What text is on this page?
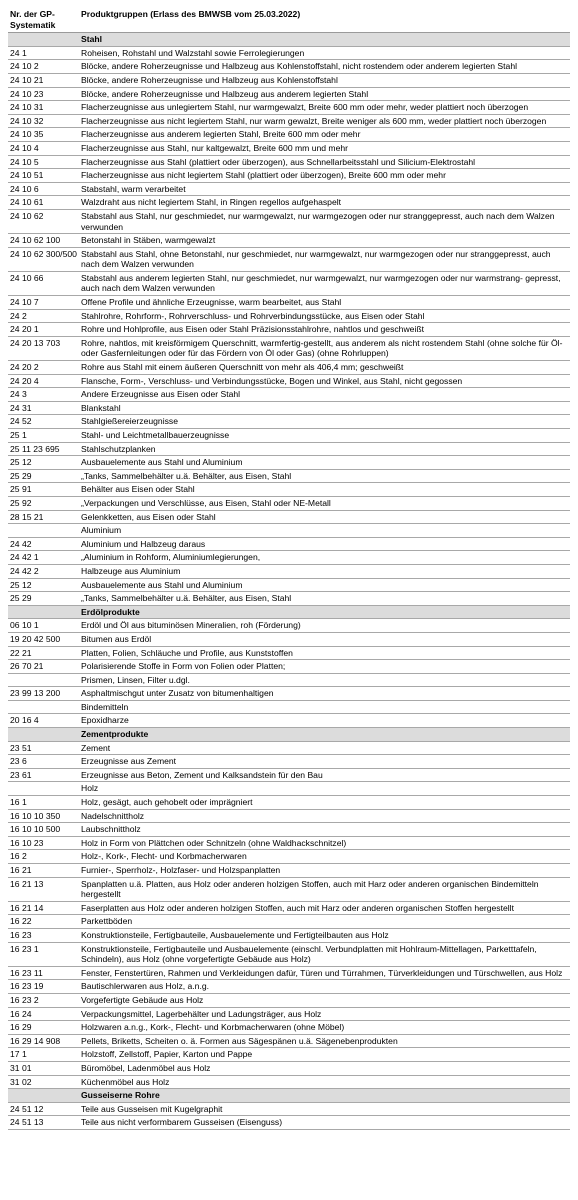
Nr. der GP-Systematik	Produktgruppen (Erlass des BMWSB vom 25.03.2022)
	Stahl
24 1	Roheisen, Rohstahl und Walzstahl sowie Ferrolegierungen
24 10 2	Blöcke, andere Roherzeugnisse und Halbzeug aus Kohlenstoffstahl, nicht rostendem oder anderem legierten Stahl
24 10 21	Blöcke, andere Roherzeugnisse und Halbzeug aus Kohlenstoffstahl
24 10 23	Blöcke, andere Roherzeugnisse und Halbzeug aus anderem legierten Stahl
24 10 31	Flacherzeugnisse aus unlegiertem Stahl, nur warmgewalzt, Breite 600 mm oder mehr, weder plattiert noch überzogen
24 10 32	Flacherzeugnisse aus nicht legiertem Stahl, nur warm gewalzt, Breite weniger als 600 mm, weder plattiert noch überzogen
24 10 35	Flacherzeugnisse aus anderem legierten Stahl, Breite 600 mm oder mehr
24 10 4	Flacherzeugnisse aus Stahl, nur kaltgewalzt, Breite 600 mm und mehr
24 10 5	Flacherzeugnisse aus Stahl (plattiert oder überzogen), aus Schnellarbeitsstahl und Silicium-Elektrostahl
24 10 51	Flacherzeugnisse aus nicht legiertem Stahl (plattiert oder überzogen), Breite 600 mm oder mehr
24 10 6	Stabstahl, warm verarbeitet
24 10 61	Walzdraht aus nicht legiertem Stahl, in Ringen regellos aufgehaspelt
24 10 62	Stabstahl aus Stahl, nur geschmiedet, nur warmgewalzt, nur warmgezogen oder nur stranggepresst, auch nach dem Walzen verwunden
24 10 62 100	Betonstahl in Stäben, warmgewalzt
24 10 62 300/500	Stabstahl aus Stahl, ohne Betonstahl, nur geschmiedet, nur warmgewalzt, nur warmgezogen oder nur stranggepresst, auch nach dem Walzen verwunden
24 10 66	Stabstahl aus anderem legierten Stahl, nur geschmiedet, nur warmgewalzt, nur warmgezogen oder nur warmstrang- gepresst, auch nach dem Walzen verwunden
24 10 7	Offene Profile und ähnliche Erzeugnisse, warm bearbeitet, aus Stahl
24 2	Stahlrohre, Rohrform-, Rohrverschluss- und Rohrverbindungsstücke, aus Eisen oder Stahl
24 20 1	Rohre und Hohlprofile, aus Eisen oder Stahl Präzisionsstahlrohre, nahtlos und geschweißt
24 20 13 703	Rohre, nahtlos, mit kreisförmigem Querschnitt, warmfertig-gestellt, aus anderem als nicht rostendem Stahl (ohne solche für Öl- oder Gasfernleitungen oder für das Fördern von Öl oder Gas) (ohne Rohrluppen)
24 20 2	Rohre aus Stahl mit einem äußeren Querschnitt von mehr als 406,4 mm; geschweißt
24 20 4	Flansche, Form-, Verschluss- und Verbindungsstücke, Bogen und Winkel, aus Stahl, nicht gegossen
24 3	Andere Erzeugnisse aus Eisen oder Stahl
24 31	Blankstahl
24 52	Stahlgießereierzeugnisse
25 1	Stahl- und Leichtmetallbauerzeugnisse
25 11 23 695	Stahlschutzplanken
25 12	Ausbauelemente aus Stahl und Aluminium
25 29	„Tanks, Sammelbehälter u.ä. Behälter, aus Eisen, Stahl
25 91	Behälter aus Eisen oder Stahl
25 92	„Verpackungen und Verschlüsse, aus Eisen, Stahl oder NE-Metall
28 15 21	Gelenkketten, aus Eisen oder Stahl
	Aluminium
24 42	Aluminium und Halbzeug daraus
24 42 1	„Aluminium in Rohform, Aluminiumlegierungen,
24 42 2	Halbzeuge aus Aluminium
25 12	Ausbauelemente aus Stahl und Aluminium
25 29	„Tanks, Sammelbehälter u.ä. Behälter, aus Eisen, Stahl
	Erdölprodukte
06 10 1	Erdöl und Öl aus bituminösen Mineralien, roh (Förderung)
19 20 42 500	Bitumen aus Erdöl
22 21	Platten, Folien, Schläuche und Profile, aus Kunststoffen
26 70 21	Polarisierende Stoffe in Form von Folien oder Platten;
	Prismen, Linsen, Filter u.dgl.
23 99 13 200	Asphaltmischgut unter Zusatz von bitumenhaltigen
	Bindemitteln
20 16 4	Epoxidharze
	Zementprodukte
23 51	Zement
23 6	Erzeugnisse aus Zement
23 61	Erzeugnisse aus Beton, Zement und Kalksandstein für den Bau
	Holz
16 1	Holz, gesägt, auch gehobelt oder imprägniert
16 10 10 350	Nadelschnittholz
16 10 10 500	Laubschnittholz
16 10 23	Holz in Form von Plättchen oder Schnitzeln (ohne Waldhackschnitzel)
16 2	Holz-, Kork-, Flecht- und Korbmacherwaren
16 21	Furnier-, Sperrholz-, Holzfaser- und Holzspanplatten
16 21 13	Spanplatten u.ä. Platten, aus Holz oder anderen holzigen Stoffen, auch mit Harz oder anderen organischen Bindemitteln hergestellt
16 21 14	Faserplatten aus Holz oder anderen holzigen Stoffen, auch mit Harz oder anderen organischen Stoffen hergestellt
16 22	Parkettböden
16 23	Konstruktionsteile, Fertigbauteile, Ausbauelemente und Fertigteilbauten aus Holz
16 23 1	Konstruktionsteile, Fertigbauteile und Ausbauelemente (einschl. Verbundplatten mit Hohlraum-Mittellagen, Parketttafeln, Schindeln), aus Holz (ohne vorgefertigte Gebäude aus Holz)
16 23 11	Fenster, Fenstertüren, Rahmen und Verkleidungen dafür, Türen und Türrahmen, Türverkleidungen und Türschwellen, aus Holz
16 23 19	Bautischlerwaren aus Holz, a.n.g.
16 23 2	Vorgefertigte Gebäude aus Holz
16 24	Verpackungsmittel, Lagerbehälter und Ladungsträger, aus Holz
16 29	Holzwaren a.n.g., Kork-, Flecht- und Korbmacherwaren (ohne Möbel)
16 29 14 908	Pellets, Briketts, Scheiten o. ä. Formen aus Sägespänen u.ä. Sägenebenprodukten
17 1	Holzstoff, Zellstoff, Papier, Karton und Pappe
31 01	Büromöbel, Ladenmöbel aus Holz
31 02	Küchenmöbel aus Holz
	Gusseiserne Rohre
24 51 12	Teile aus Gusseisen mit Kugelgraphit
24 51 13	Teile aus nicht verformbarem Gusseisen (Eisenguss)
